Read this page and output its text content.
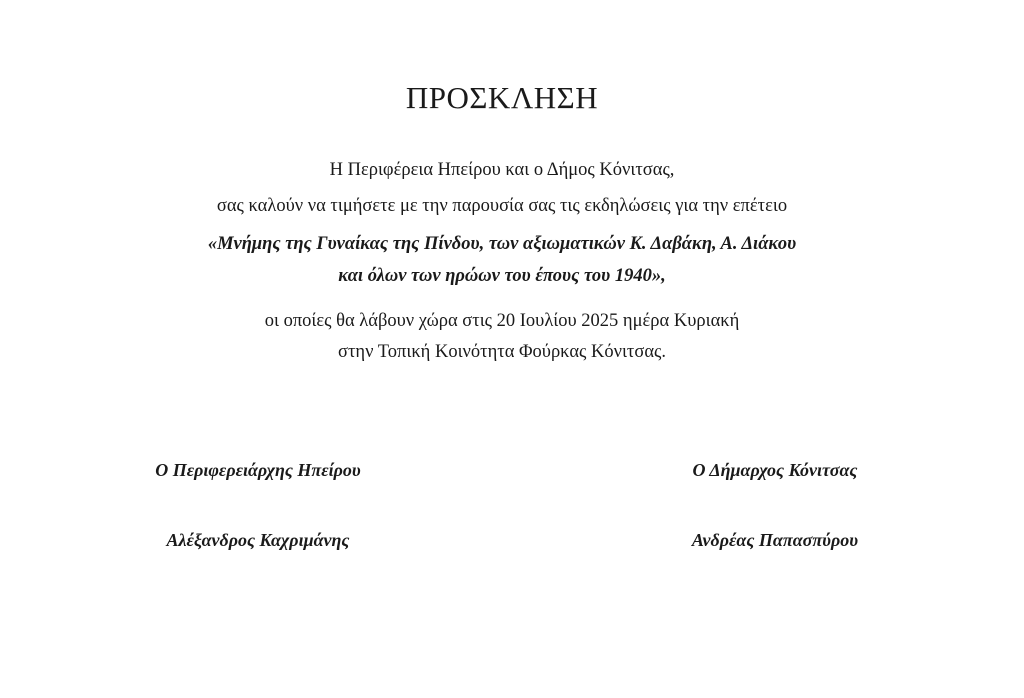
ΠΡΟΣΚΛΗΣΗ
Η Περιφέρεια Ηπείρου και ο Δήμος Κόνιτσας,
σας καλούν να τιμήσετε με την παρουσία σας τις εκδηλώσεις για την επέτειο
«Μνήμης της Γυναίκας της Πίνδου, των αξιωματικών Κ. Δαβάκη, Α. Διάκου
και όλων των ηρώων του έπους του 1940»,
οι οποίες θα λάβουν χώρα στις 20 Ιουλίου 2025 ημέρα Κυριακή
στην Τοπική Κοινότητα Φούρκας Κόνιτσας.
Ο Περιφερειάρχης Ηπείρου
Αλέξανδρος Καχριμάνης
Ο Δήμαρχος Κόνιτσας
Ανδρέας Παπασπύρου
